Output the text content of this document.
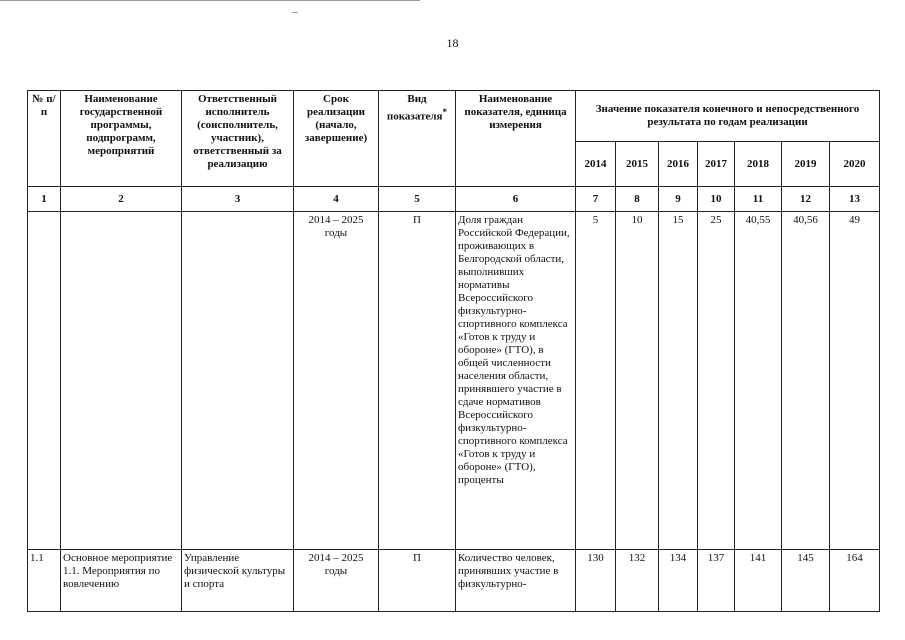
18
№ п/п	Наименование государственной программы, подпрограмм, мероприятий	Ответственный исполнитель (соисполнитель, участник), ответственный за реализацию	Срок реализации (начало, завершение)	Вид показателя*	Наименование показателя, единица измерения	Значение показателя конечного и непосредственного результата по годам реализации						
						2014	2015	2016	2017	2018	2019	2020
1	2	3	4	5	6	7	8	9	10	11	12	13
			2014 – 2025 годы	П	Доля граждан Российской Федерации, проживающих в Белгородской области, выполнивших нормативы Всероссийского физкультурно-спортивного комплекса «Готов к труду и обороне» (ГТО), в общей численности населения области, принявшего участие в сдаче нормативов Всероссийского физкультурно-спортивного комплекса «Готов к труду и обороне» (ГТО), проценты	5	10	15	25	40,55	40,56	49
1.1	Основное мероприятие 1.1. Мероприятия по вовлечению	Управление физической культуры и спорта	2014 – 2025 годы	П	Количество человек, принявших участие в физкультурно-	130	132	134	137	141	145	164
